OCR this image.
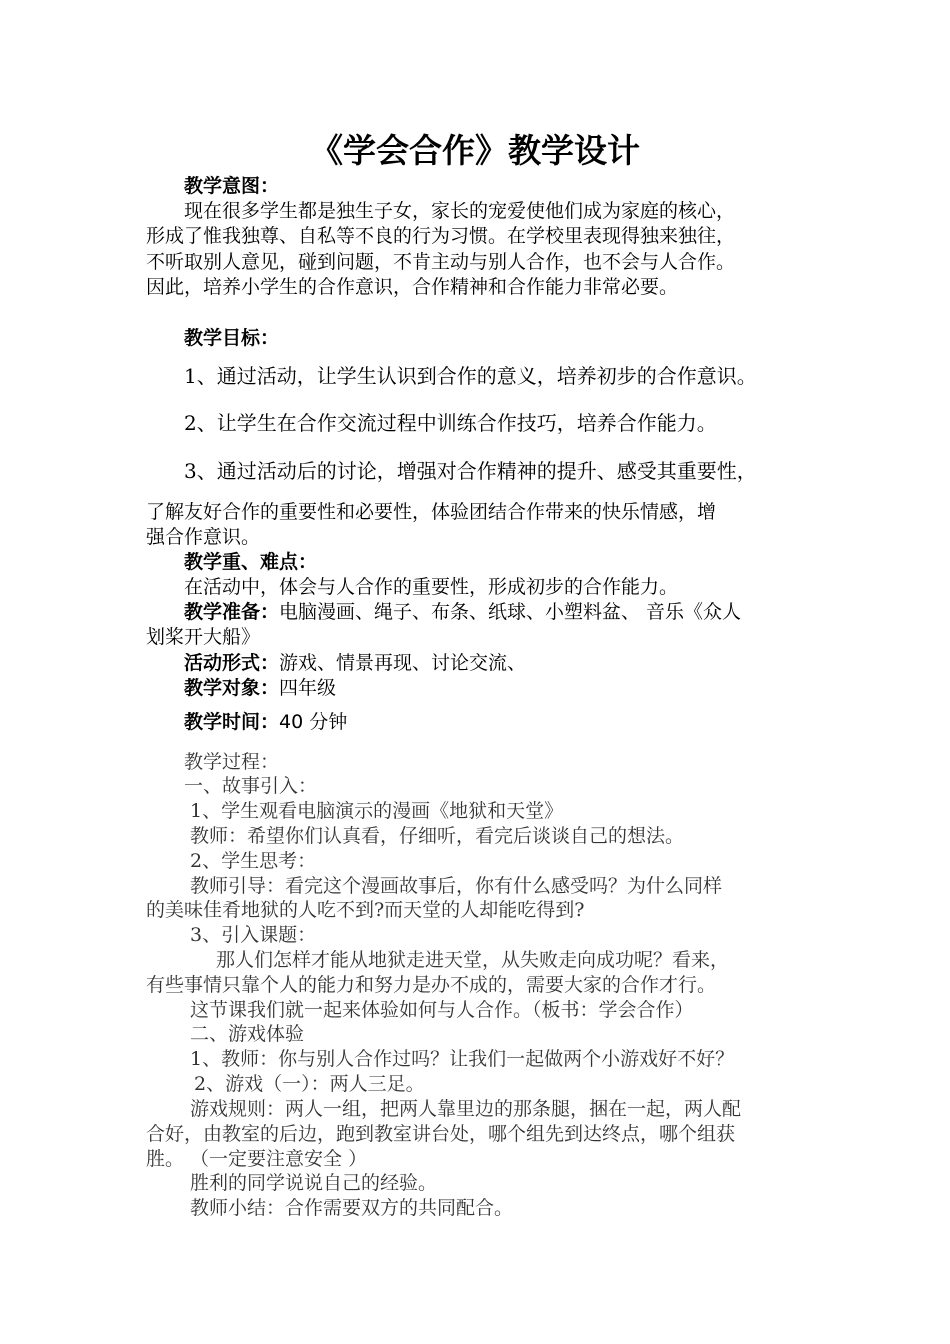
《学会合作》教学设计

教学意图：

现在很多学生都是独生子女，家长的宠爱使他们成为家庭的核心，

形成了惟我独尊、自私等不良的行为习惯。在学校里表现得独来独往，

不听取别人意见，碰到问题，不肯主动与别人合作，也不会与人合作。

因此，培养小学生的合作意识，合作精神和合作能力非常必要。

教学目标：

1、通过活动，让学生认识到合作的意义，培养初步的合作意识。

2、让学生在合作交流过程中训练合作技巧，培养合作能力。

3、通过活动后的讨论，增强对合作精神的提升、感受其重要性，

了解友好合作的重要性和必要性，体验团结合作带来的快乐情感，增

强合作意识。

教学重、难点：

在活动中，体会与人合作的重要性，形成初步的合作能力。

教学准备：电脑漫画、绳子、布条、纸球、小塑料盆、 音乐《众人

划桨开大船》

活动形式：游戏、情景再现、讨论交流、

教学对象：四年级

教学时间：40 分钟

教学过程：

一、故事引入：

1、学生观看电脑演示的漫画《地狱和天堂》

教师：希望你们认真看，仔细听，看完后谈谈自己的想法。

2、学生思考：

教师引导：看完这个漫画故事后，你有什么感受吗？为什么同样

的美味佳肴地狱的人吃不到?而天堂的人却能吃得到?

3、引入课题：

那人们怎样才能从地狱走进天堂，从失败走向成功呢？看来，

有些事情只靠个人的能力和努力是办不成的，需要大家的合作才行。

这节课我们就一起来体验如何与人合作。（板书：学会合作）

二、游戏体验

1、教师：你与别人合作过吗？让我们一起做两个小游戏好不好？

2、游戏（一）：两人三足。

游戏规则：两人一组，把两人靠里边的那条腿，捆在一起，两人配

合好，由教室的后边，跑到教室讲台处，哪个组先到达终点，哪个组获

胜。 （一定要注意安全 ）

胜利的同学说说自己的经验。

教师小结：合作需要双方的共同配合。
